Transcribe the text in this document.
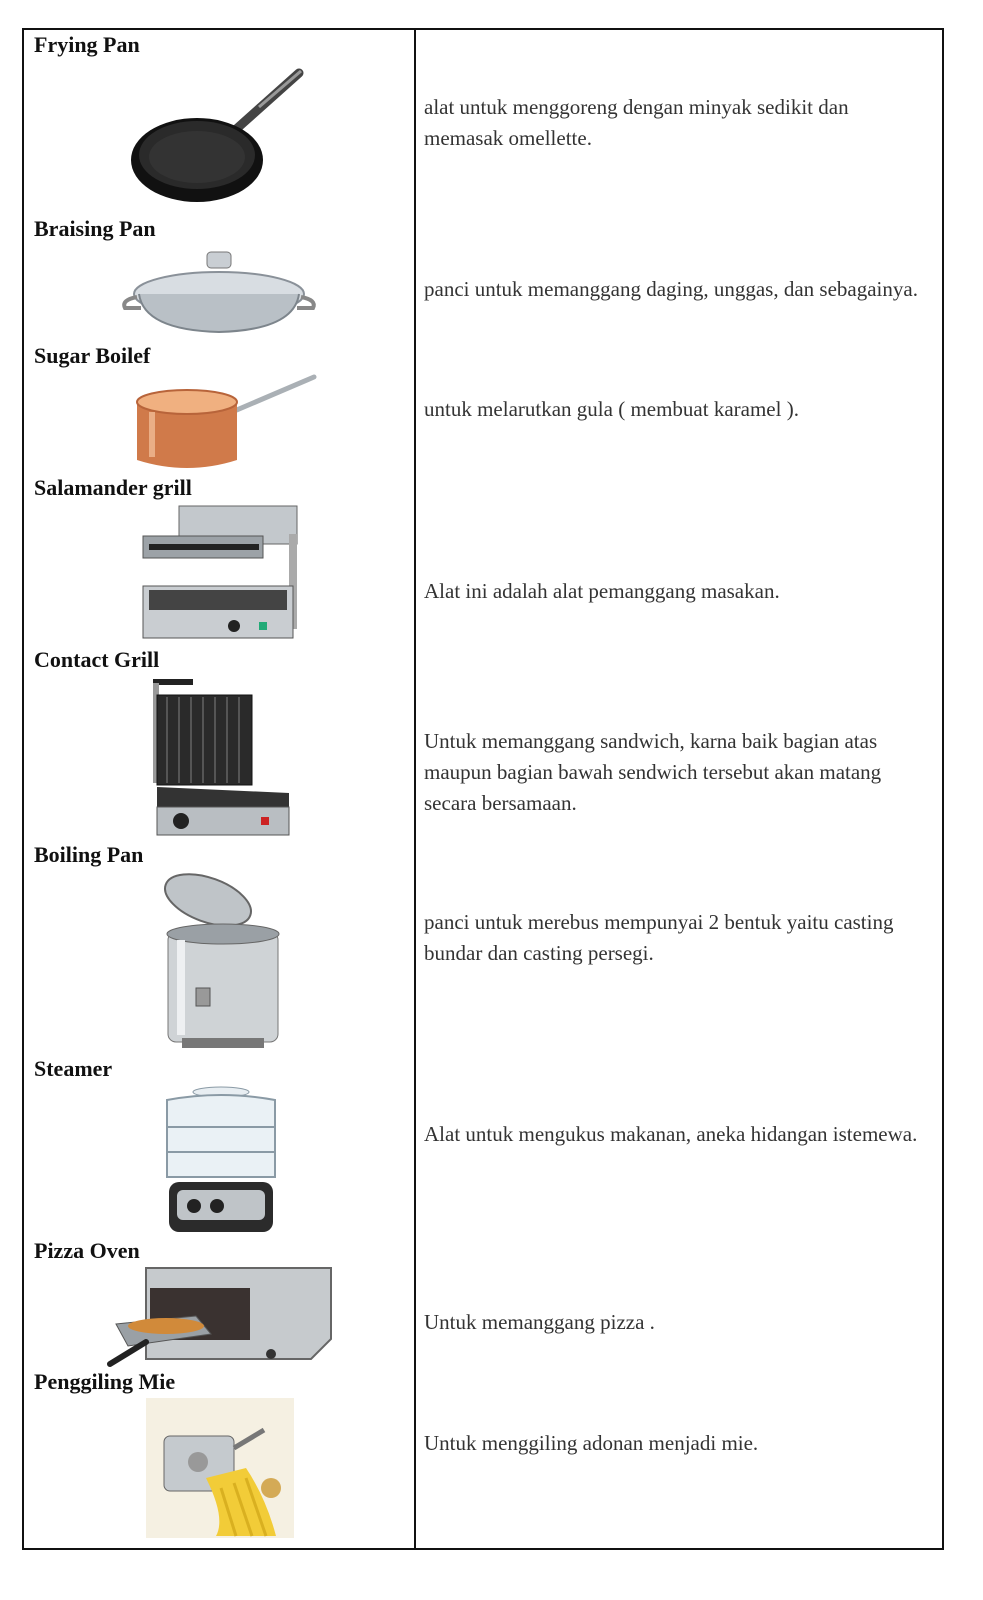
Frying Pan
alat untuk menggoreng dengan minyak sedikit dan memasak omellette.
Braising Pan
panci untuk memanggang daging, unggas, dan sebagainya.
Sugar Boilef
untuk melarutkan gula ( membuat karamel ).
Salamander grill
Alat ini adalah alat pemanggang masakan.
Contact Grill
Untuk memanggang sandwich, karna baik bagian atas maupun bagian bawah sendwich tersebut akan matang secara bersamaan.
Boiling Pan
panci untuk merebus mempunyai 2 bentuk yaitu casting bundar dan casting persegi.
Steamer
Alat untuk mengukus makanan, aneka hidangan istemewa.
Pizza Oven
Untuk memanggang pizza .
Penggiling Mie
Untuk menggiling adonan menjadi mie.
